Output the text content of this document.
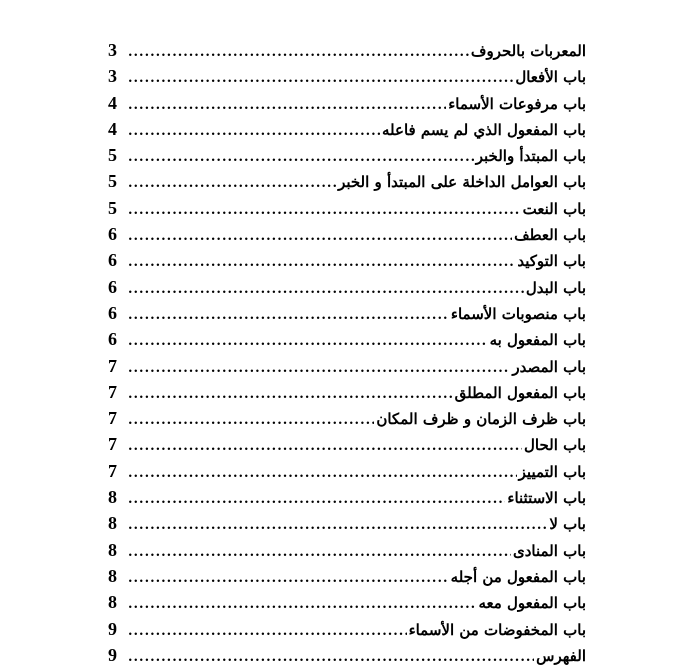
3 .....	المعربات بالحروف
3 .....	باب الأفعال
4 .....	باب مرفوعات الأسماء
4 .....	باب المفعول الذي لم يسم فاعله
5 .....	باب المبتدأ والخبر
5 .....	باب العوامل الداخلة على المبتدأ و الخبر
5 .....	باب النعت
6 .....	باب العطف
6 .....	باب التوكيد
6 .....	باب البدل
6 .....	باب منصوبات الأسماء
6 .....	باب المفعول به
7 .....	باب المصدر
7 .....	باب المفعول المطلق
7 .....	باب ظرف الزمان و ظرف المكان
7 .....	باب الحال
7 .....	باب التمييز
8 .....	باب الاستثناء
8 .....	باب لا
8 .....	باب المنادى
8 .....	باب المفعول من أجله
8 .....	باب المفعول معه
9 .....	باب المخفوضات من الأسماء
9 .....	الفهرس
